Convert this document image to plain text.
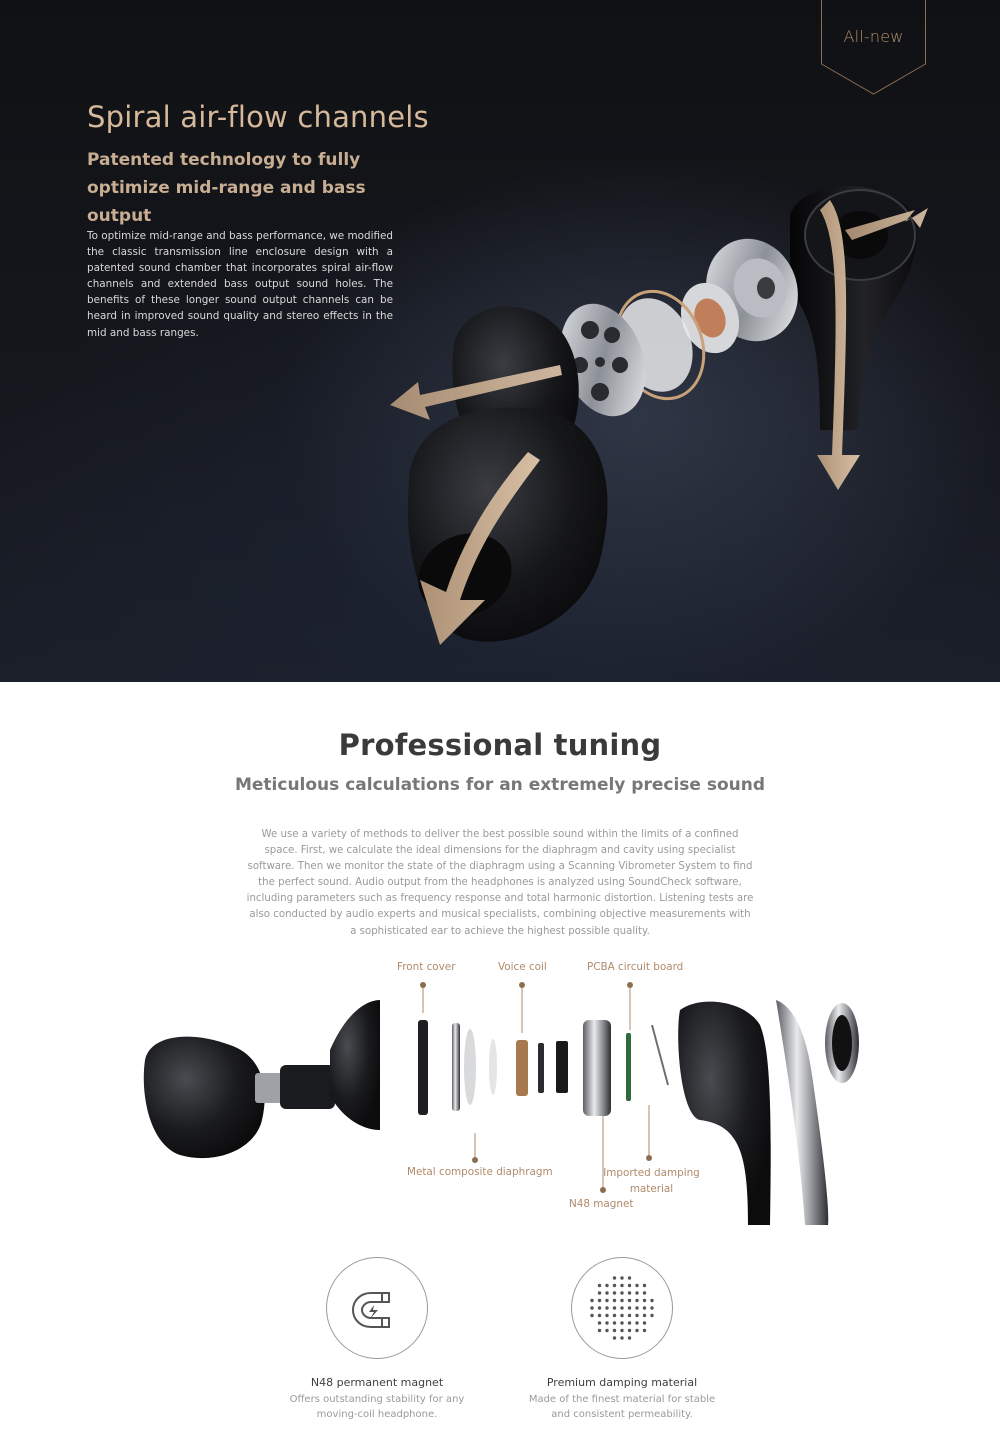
All-new
Spiral air-flow channels
Patented technology to fully optimize mid-range and bass output

To optimize mid-range and bass performance, we modified the classic transmission line enclosure design with a patented sound chamber that incorporates spiral air-flow channels and extended bass output sound holes. The benefits of these longer sound output channels can be heard in improved sound quality and stereo effects in the mid and bass ranges.

Professional tuning
Meticulous calculations for an extremely precise sound

We use a variety of methods to deliver the best possible sound within the limits of a confined space. First, we calculate the ideal dimensions for the diaphragm and cavity using specialist software. Then we monitor the state of the diaphragm using a Scanning Vibrometer System to find the perfect sound. Audio output from the headphones is analyzed using SoundCheck software, including parameters such as frequency response and total harmonic distortion. Listening tests are also conducted by audio experts and musical specialists, combining objective measurements with a sophisticated ear to achieve the highest possible quality.

Front cover	Voice coil	PCBA circuit board
Metal composite diaphragm	Imported damping material
N48 magnet
N48 permanent magnet
Offers outstanding stability for any moving-coil headphone.
Premium damping material
Made of the finest material for stable and consistent permeability.
